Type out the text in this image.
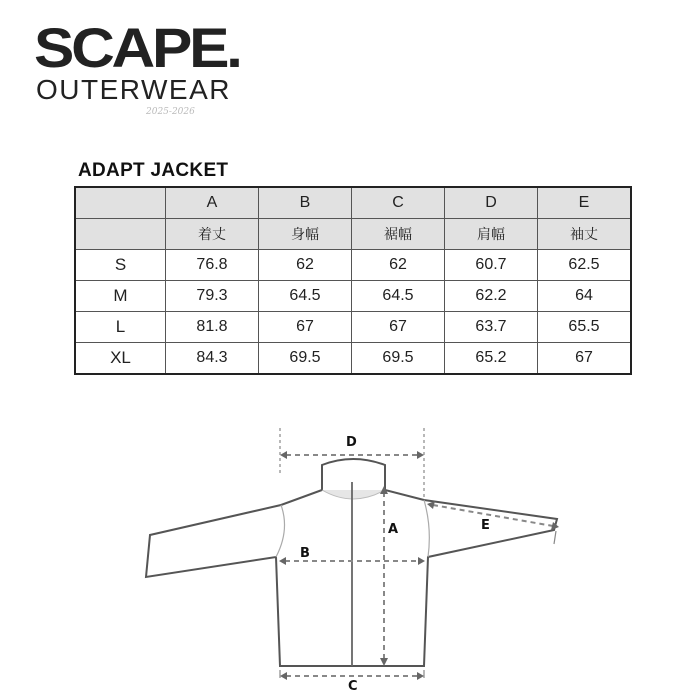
SCAPE.
OUTERWEAR
2025-2026
ADAPT JACKET
	A	B	C	D	E
	着丈	身幅	裾幅	肩幅	袖丈
S	76.8	62	62	60.7	62.5
M	79.3	64.5	64.5	62.2	64
L	81.8	67	67	63.7	65.5
XL	84.3	69.5	69.5	65.2	67
D
A
B
C
E
